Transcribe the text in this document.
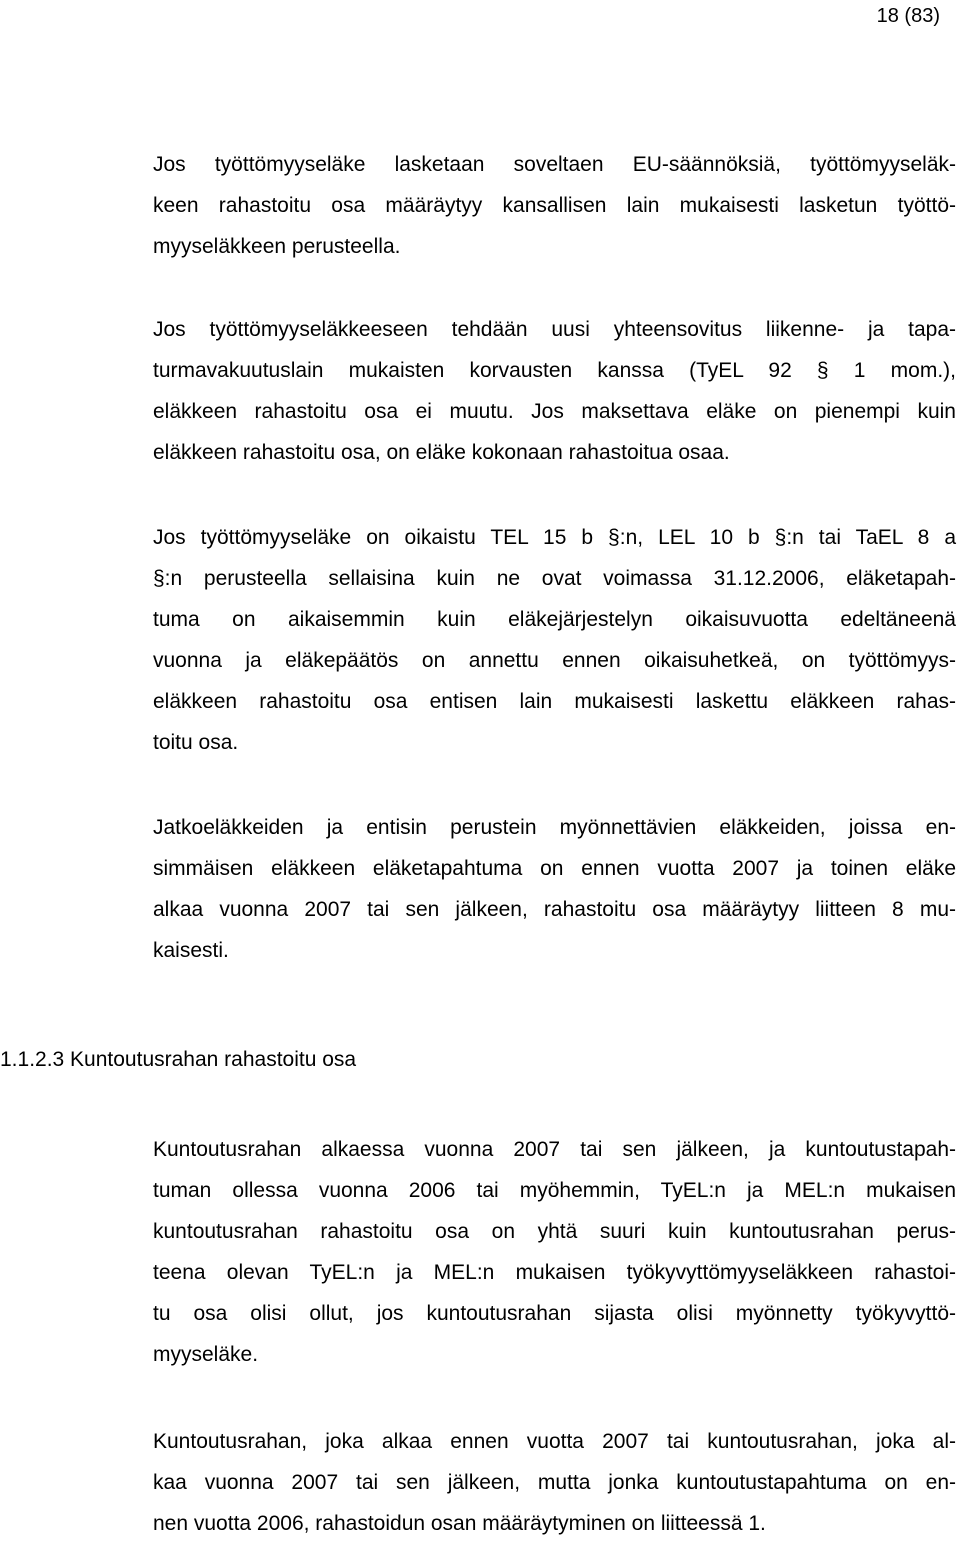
18 (83)
Jos työttömyyseläke lasketaan soveltaen EU-säännöksiä, työttömyyseläk-
keen rahastoitu osa määräytyy kansallisen lain mukaisesti lasketun työttö-
myyseläkkeen perusteella.
Jos työttömyyseläkkeeseen tehdään uusi yhteensovitus liikenne- ja tapa-
turmavakuutuslain mukaisten korvausten kanssa (TyEL 92 § 1 mom.),
eläkkeen rahastoitu osa ei muutu. Jos maksettava eläke on pienempi kuin
eläkkeen rahastoitu osa, on eläke kokonaan rahastoitua osaa.
Jos työttömyyseläke on oikaistu TEL 15 b §:n, LEL 10 b §:n tai TaEL 8 a
§:n perusteella sellaisina kuin ne ovat voimassa 31.12.2006, eläketapah-
tuma on aikaisemmin kuin eläkejärjestelyn oikaisuvuotta edeltäneenä
vuonna ja eläkepäätös on annettu ennen oikaisuhetkeä, on työttömyys-
eläkkeen rahastoitu osa entisen lain mukaisesti laskettu eläkkeen rahas-
toitu osa.
Jatkoeläkkeiden ja entisin perustein myönnettävien eläkkeiden, joissa en-
simmäisen eläkkeen eläketapahtuma on ennen vuotta 2007 ja toinen eläke
alkaa vuonna 2007 tai sen jälkeen, rahastoitu osa määräytyy liitteen 8 mu-
kaisesti.
1.1.2.3 Kuntoutusrahan rahastoitu osa
Kuntoutusrahan alkaessa vuonna 2007 tai sen jälkeen, ja kuntoutustapah-
tuman ollessa vuonna 2006 tai myöhemmin, TyEL:n ja MEL:n mukaisen
kuntoutusrahan rahastoitu osa on yhtä suuri kuin kuntoutusrahan perus-
teena olevan TyEL:n ja MEL:n mukaisen työkyvyttömyyseläkkeen rahastoi-
tu osa olisi ollut, jos kuntoutusrahan sijasta olisi myönnetty työkyvyttö-
myyseläke.
Kuntoutusrahan, joka alkaa ennen vuotta 2007 tai kuntoutusrahan, joka al-
kaa vuonna 2007 tai sen jälkeen, mutta jonka kuntoutustapahtuma on en-
nen vuotta 2006, rahastoidun osan määräytyminen on liitteessä 1.
